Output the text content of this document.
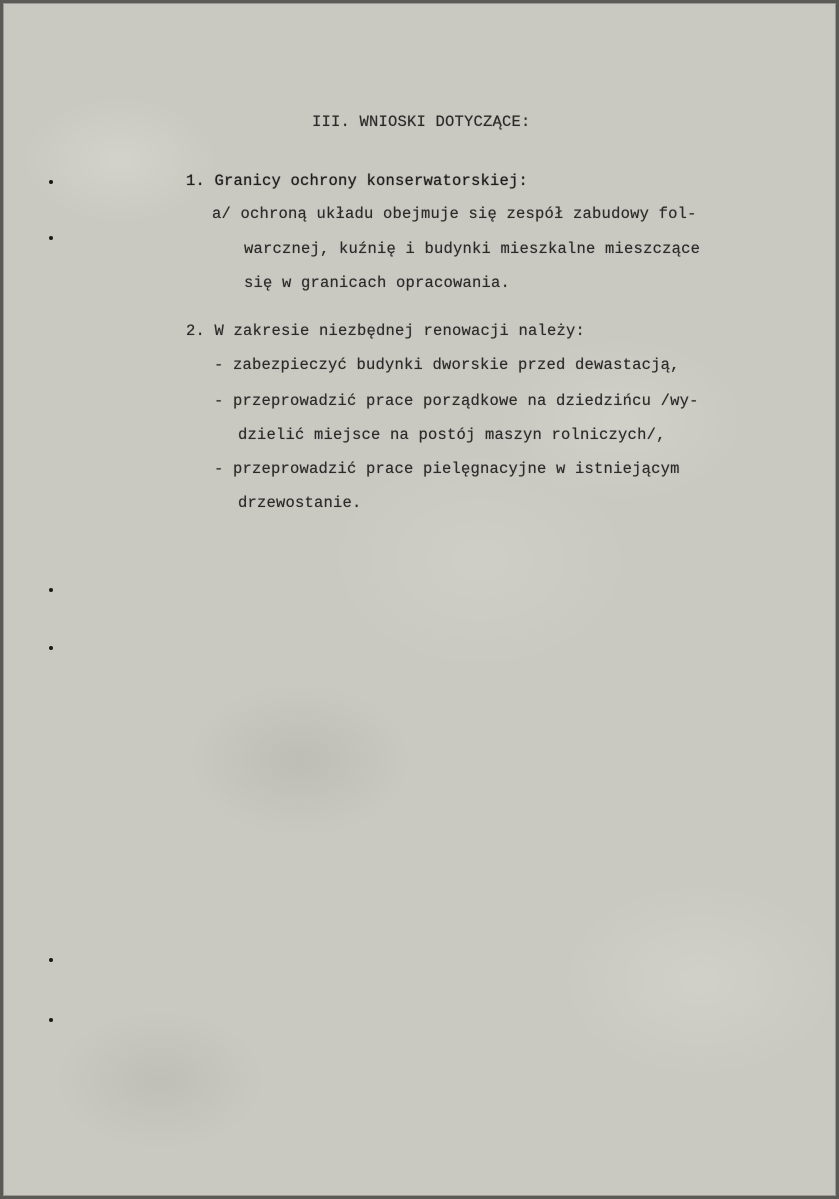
III. WNIOSKI DOTYCZĄCE:
1. Granicy ochrony konserwatorskiej:
a/ ochroną układu obejmuje się zespół zabudowy fol-
warcznej, kuźnię i budynki mieszkalne mieszczące
się w granicach opracowania.
2. W zakresie niezbędnej renowacji należy:
- zabezpieczyć budynki dworskie przed dewastacją,
- przeprowadzić prace porządkowe na dziedzińcu /wy-
dzielić miejsce na postój maszyn rolniczych/,
- przeprowadzić prace pielęgnacyjne w istniejącym
drzewostanie.
